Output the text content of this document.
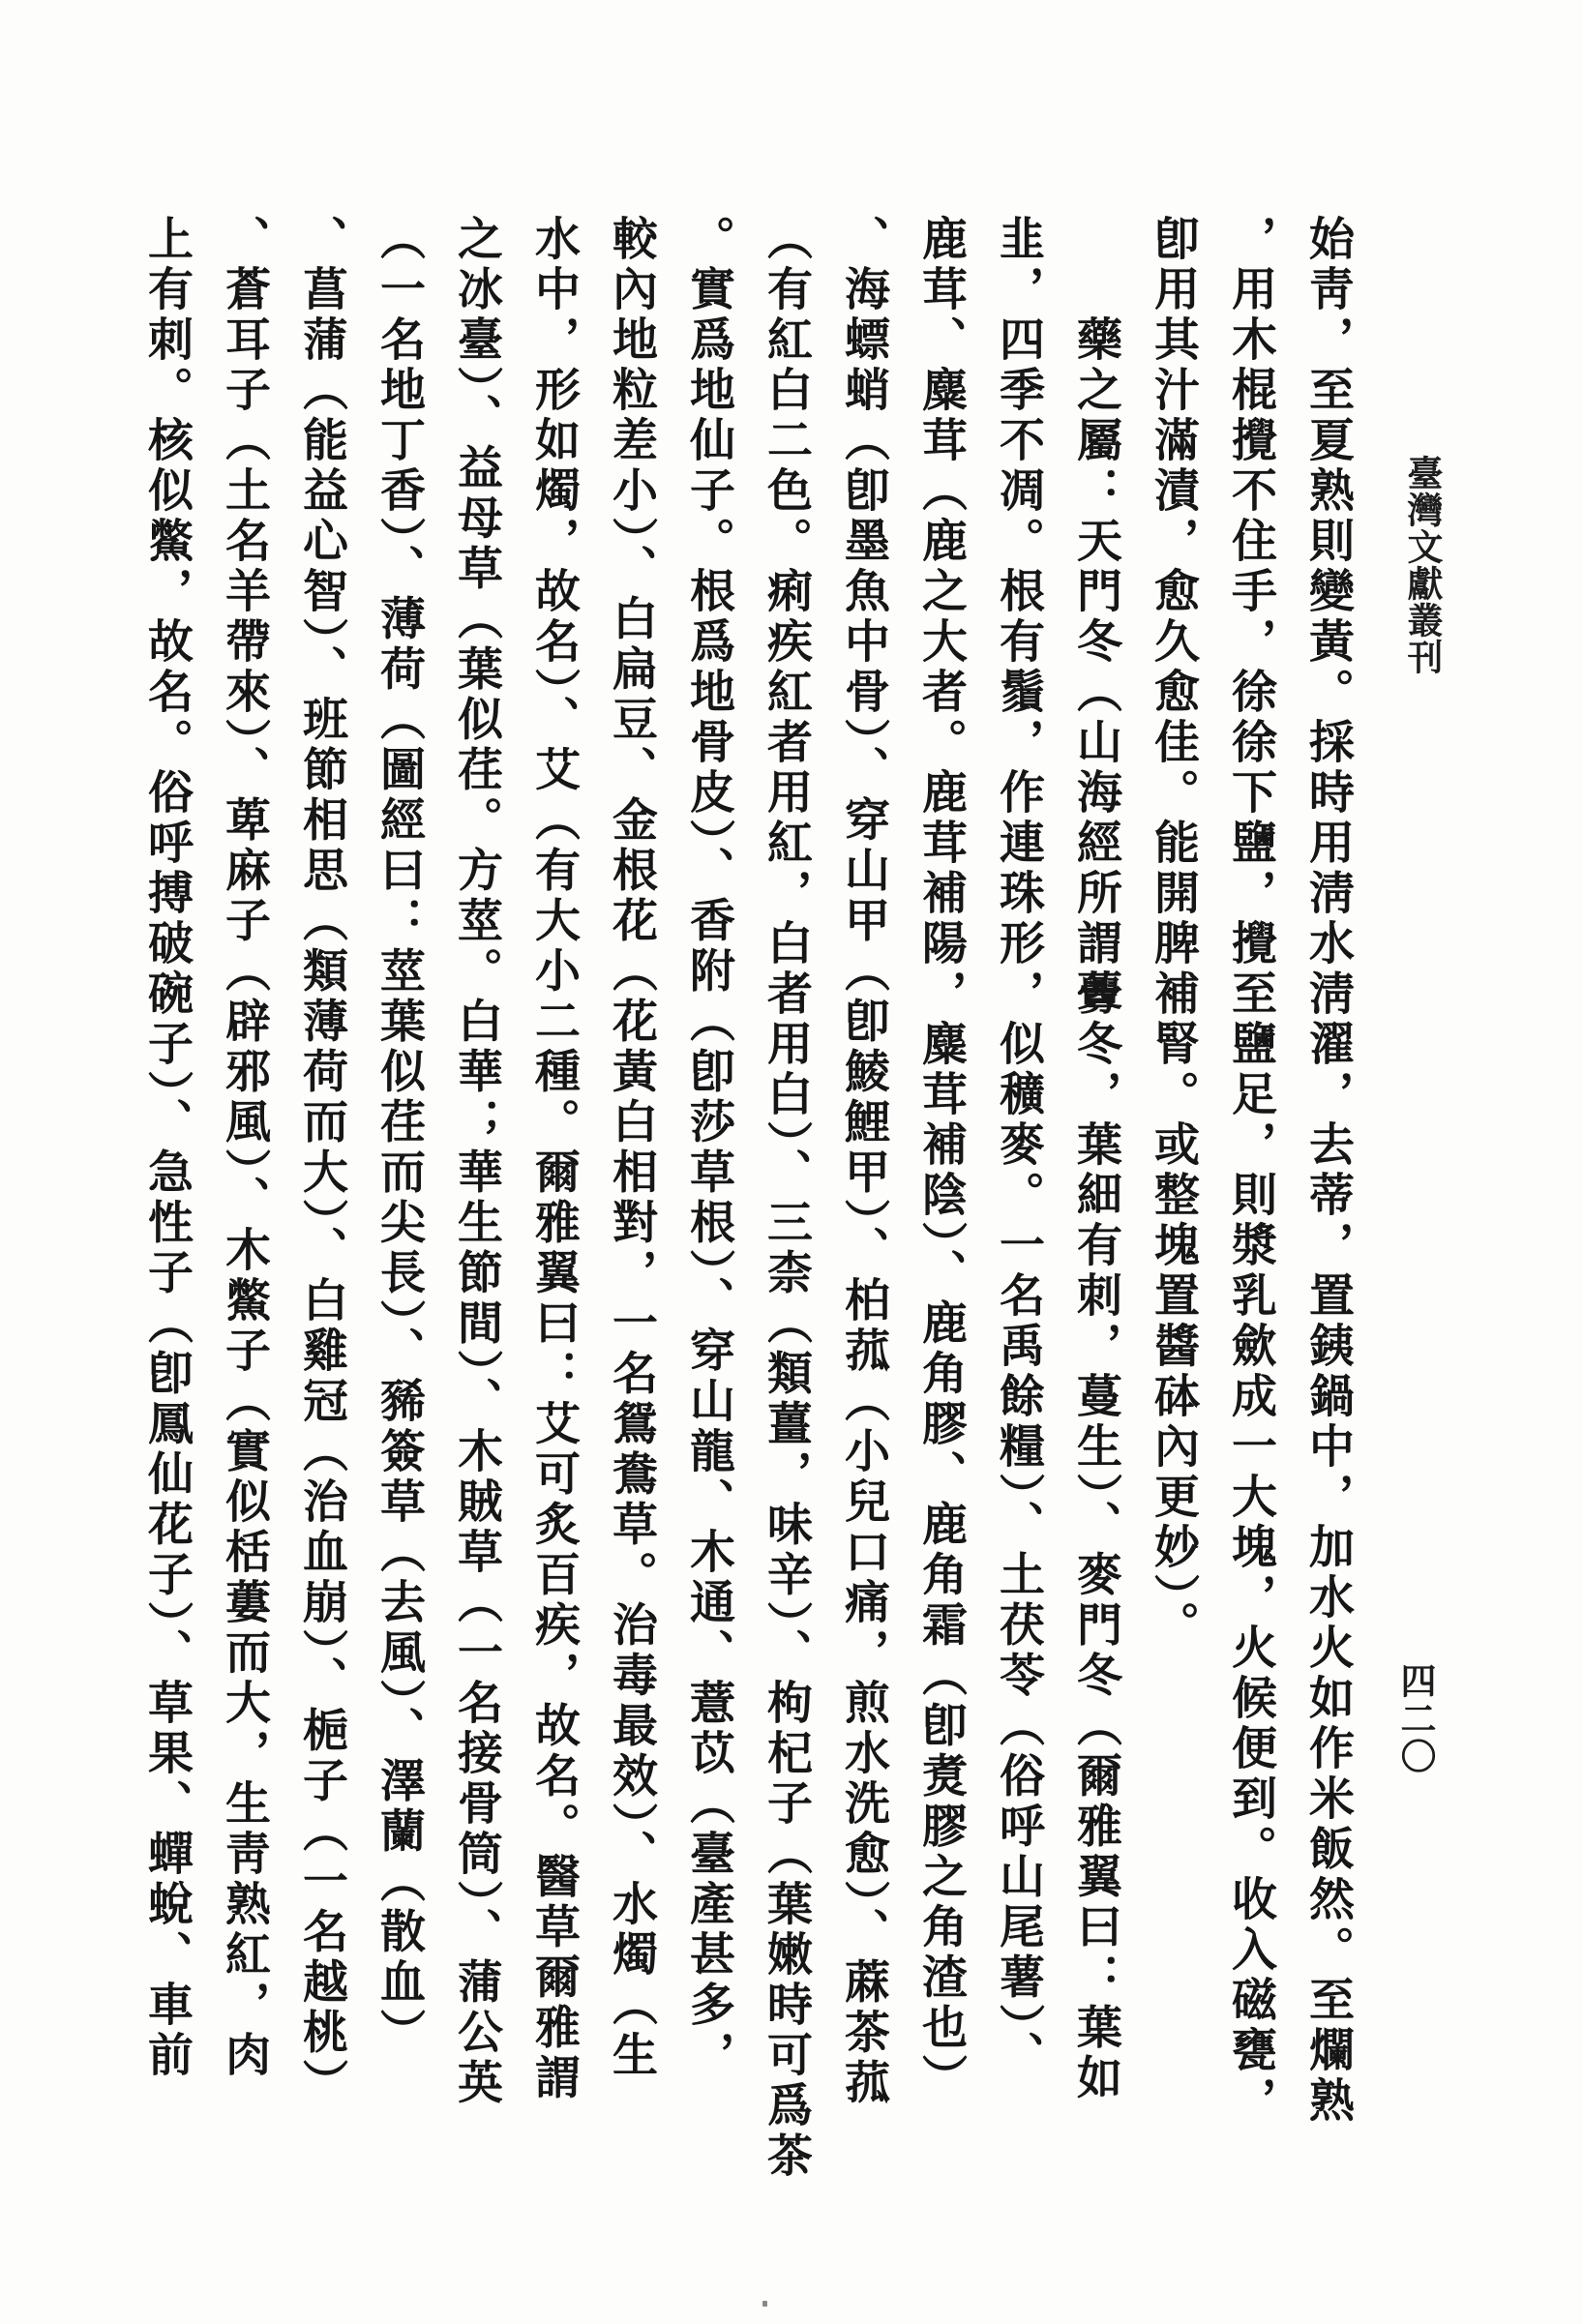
臺灣文獻叢刊
四二〇
始靑，至夏熟則變黃。採時用淸水淸濯，去蒂，置銕鍋中，加水火如作米飯然。至爛熟
，用木棍攪不住手，徐徐下鹽，攪至鹽足，則漿乳歛成一大塊，火候便到。收入磁甕，
卽用其汁滿漬，愈久愈佳。能開脾補腎。或整塊置醬砵內更妙）。
　　藥之屬：天門冬（山海經所謂虋冬，葉細有刺，蔓生）、麥門冬（爾雅翼曰：葉如
韭，四季不凋。根有鬚，作連珠形，似穬麥。一名禹餘糧）、土茯苓（俗呼山尾薯）、
鹿茸、麋茸（鹿之大者。鹿茸補陽，麋茸補陰）、鹿角膠、鹿角霜（卽煑膠之角渣也）
、海螵蛸（卽墨魚中骨）、穿山甲（卽鯪鯉甲）、柏菰（小兒口痛，煎水洗愈）、蔴茶菰
（有紅白二色。痢疾紅者用紅，白者用白）、三柰（類薑，味辛）、枸杞子（葉嫩時可爲茶
。實爲地仙子。根爲地骨皮）、香附（卽莎草根）、穿山龍、木通、薏苡（臺產甚多，
較內地粒差小）、白扁豆、金根花（花黃白相對，一名鴛鴦草。治毒最效）、水燭（生
水中，形如燭，故名）、艾（有大小二種。爾雅翼曰：艾可炙百疾，故名。醫草爾雅謂
之冰臺）、益母草（葉似荏。方莖。白華；華生節間）、木賊草（一名接骨筒）、蒲公英
（一名地丁香）、薄荷（圖經曰：莖葉似荏而尖長）、豨簽草（去風）、澤蘭（散血）
、菖蒲（能益心智）、班節相思（類薄荷而大）、白雞冠（治血崩）、梔子（一名越桃）
、蒼耳子（土名羊帶來）、萆麻子（辟邪風）、木鱉子（實似栝蔞而大，生靑熟紅，肉
上有刺。核似鱉，故名。俗呼搏破碗子）、急性子（卽鳳仙花子）、草果、蟬蛻、車前
